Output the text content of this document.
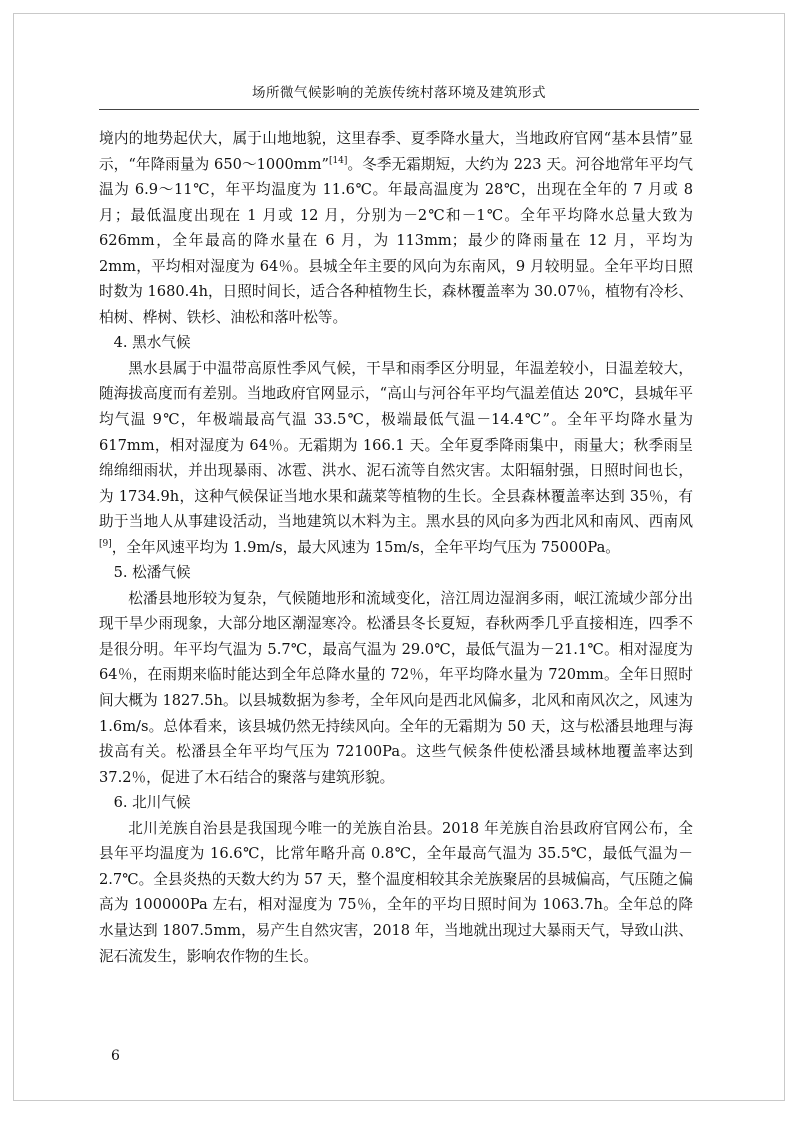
场所微气候影响的羌族传统村落环境及建筑形式

境内的地势起伏大，属于山地地貌，这里春季、夏季降水量大，当地政府官网“基本县情”显示，“年降雨量为 650～1000mm”[14]。冬季无霜期短，大约为 223 天。河谷地常年平均气温为 6.9～11℃，年平均温度为 11.6℃。年最高温度为 28℃，出现在全年的 7 月或 8 月；最低温度出现在 1 月或 12 月，分别为－2℃和－1℃。全年平均降水总量大致为 626mm，全年最高的降水量在 6 月，为 113mm；最少的降雨量在 12 月，平均为 2mm，平均相对湿度为 64％。县城全年主要的风向为东南风，9 月较明显。全年平均日照时数为 1680.4h，日照时间长，适合各种植物生长，森林覆盖率为 30.07％，植物有冷杉、柏树、桦树、铁杉、油松和落叶松等。

4. 黑水气候

黑水县属于中温带高原性季风气候，干旱和雨季区分明显，年温差较小，日温差较大，随海拔高度而有差别。当地政府官网显示，“高山与河谷年平均气温差值达 20℃，县城年平均气温 9℃，年极端最高气温 33.5℃，极端最低气温－14.4℃”。全年平均降水量为 617mm，相对湿度为 64％。无霜期为 166.1 天。全年夏季降雨集中，雨量大；秋季雨呈绵绵细雨状，并出现暴雨、冰雹、洪水、泥石流等自然灾害。太阳辐射强，日照时间也长，为 1734.9h，这种气候保证当地水果和蔬菜等植物的生长。全县森林覆盖率达到 35％，有助于当地人从事建设活动，当地建筑以木料为主。黑水县的风向多为西北风和南风、西南风[9]，全年风速平均为 1.9m/s，最大风速为 15m/s，全年平均气压为 75000Pa。

5. 松潘气候

松潘县地形较为复杂，气候随地形和流域变化，涪江周边湿润多雨，岷江流域少部分出现干旱少雨现象，大部分地区潮湿寒冷。松潘县冬长夏短，春秋两季几乎直接相连，四季不是很分明。年平均气温为 5.7℃，最高气温为 29.0℃，最低气温为－21.1℃。相对湿度为 64％，在雨期来临时能达到全年总降水量的 72％，年平均降水量为 720mm。全年日照时间大概为 1827.5h。以县城数据为参考，全年风向是西北风偏多，北风和南风次之，风速为 1.6m/s。总体看来，该县城仍然无持续风向。全年的无霜期为 50 天，这与松潘县地理与海拔高有关。松潘县全年平均气压为 72100Pa。这些气候条件使松潘县域林地覆盖率达到 37.2％，促进了木石结合的聚落与建筑形貌。

6. 北川气候

北川羌族自治县是我国现今唯一的羌族自治县。2018 年羌族自治县政府官网公布，全县年平均温度为 16.6℃，比常年略升高 0.8℃，全年最高气温为 35.5℃，最低气温为－2.7℃。全县炎热的天数大约为 57 天，整个温度相较其余羌族聚居的县城偏高，气压随之偏高为 100000Pa 左右，相对湿度为 75％，全年的平均日照时间为 1063.7h。全年总的降水量达到 1807.5mm，易产生自然灾害，2018 年，当地就出现过大暴雨天气，导致山洪、泥石流发生，影响农作物的生长。

6
